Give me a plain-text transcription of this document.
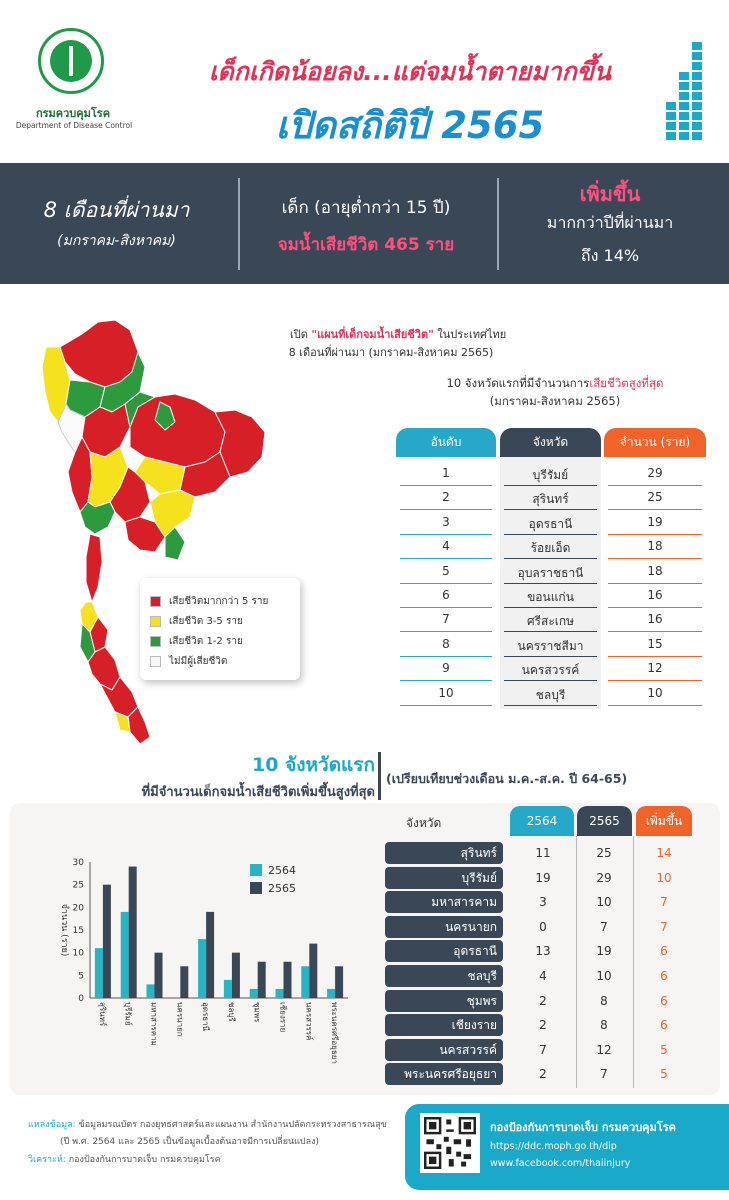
กรมควบคุมโรค
Department of Disease Control
เด็กเกิดน้อยลง...แต่จมน้ำตายมากขึ้น
เปิดสถิติปี 2565
8 เดือนที่ผ่านมา
(มกราคม-สิงหาคม)
เด็ก (อายุต่ำกว่า 15 ปี)
จมน้ำเสียชีวิต 465 ราย
เพิ่มขึ้น
มากกว่าปีที่ผ่านมา
ถึง 14%
เปิด "แผนที่เด็กจมน้ำเสียชีวิต" ในประเทศไทย
8 เดือนที่ผ่านมา (มกราคม-สิงหาคม 2565)
เสียชีวิตมากกว่า 5 ราย
เสียชีวิต 3-5 ราย
เสียชีวิต 1-2 ราย
ไม่มีผู้เสียชีวิต
10 จังหวัดแรกที่มีจำนวนการเสียชีวิตสูงที่สุด
(มกราคม-สิงหาคม 2565)
อันดับ	จังหวัด	จำนวน (ราย)
1	บุรีรัมย์	29
2	สุรินทร์	25
3	อุดรธานี	19
4	ร้อยเอ็ด	18
5	อุบลราชธานี	18
6	ขอนแก่น	16
7	ศรีสะเกษ	16
8	นครราชสีมา	15
9	นครสวรรค์	12
10	ชลบุรี	10
10 จังหวัดแรก
ที่มีจำนวนเด็กจมน้ำเสียชีวิตเพิ่มขึ้นสูงที่สุด
(เปรียบเทียบช่วงเดือน ม.ค.-ส.ค. ปี 64-65)
0
5
10
15
20
25
30
จำนวน (ราย)
สุรินทร์ บุรีรัมย์ มหาสารคาม นครนายก อุดรธานี ชลบุรี ชุมพร เชียงราย นครสวรรค์ พระนครศรีอยุธยา
2564
2565
จังหวัด	2564	2565	เพิ่มขึ้น
สุรินทร์	11	25	14
บุรีรัมย์	19	29	10
มหาสารคาม	3	10	7
นครนายก	0	7	7
อุดรธานี	13	19	6
ชลบุรี	4	10	6
ชุมพร	2	8	6
เชียงราย	2	8	6
นครสวรรค์	7	12	5
พระนครศรีอยุธยา	2	7	5
แหล่งข้อมูล: ข้อมูลมรณบัตร กองยุทธศาสตร์และแผนงาน สำนักงานปลัดกระทรวงสาธารณสุข
(ปี พ.ศ. 2564 และ 2565 เป็นข้อมูลเบื้องต้นอาจมีการเปลี่ยนแปลง)
วิเคราะห์: กองป้องกันการบาดเจ็บ กรมควบคุมโรค
กองป้องกันการบาดเจ็บ กรมควบคุมโรค
https://ddc.moph.go.th/dip
www.facebook.com/thaiinjury
